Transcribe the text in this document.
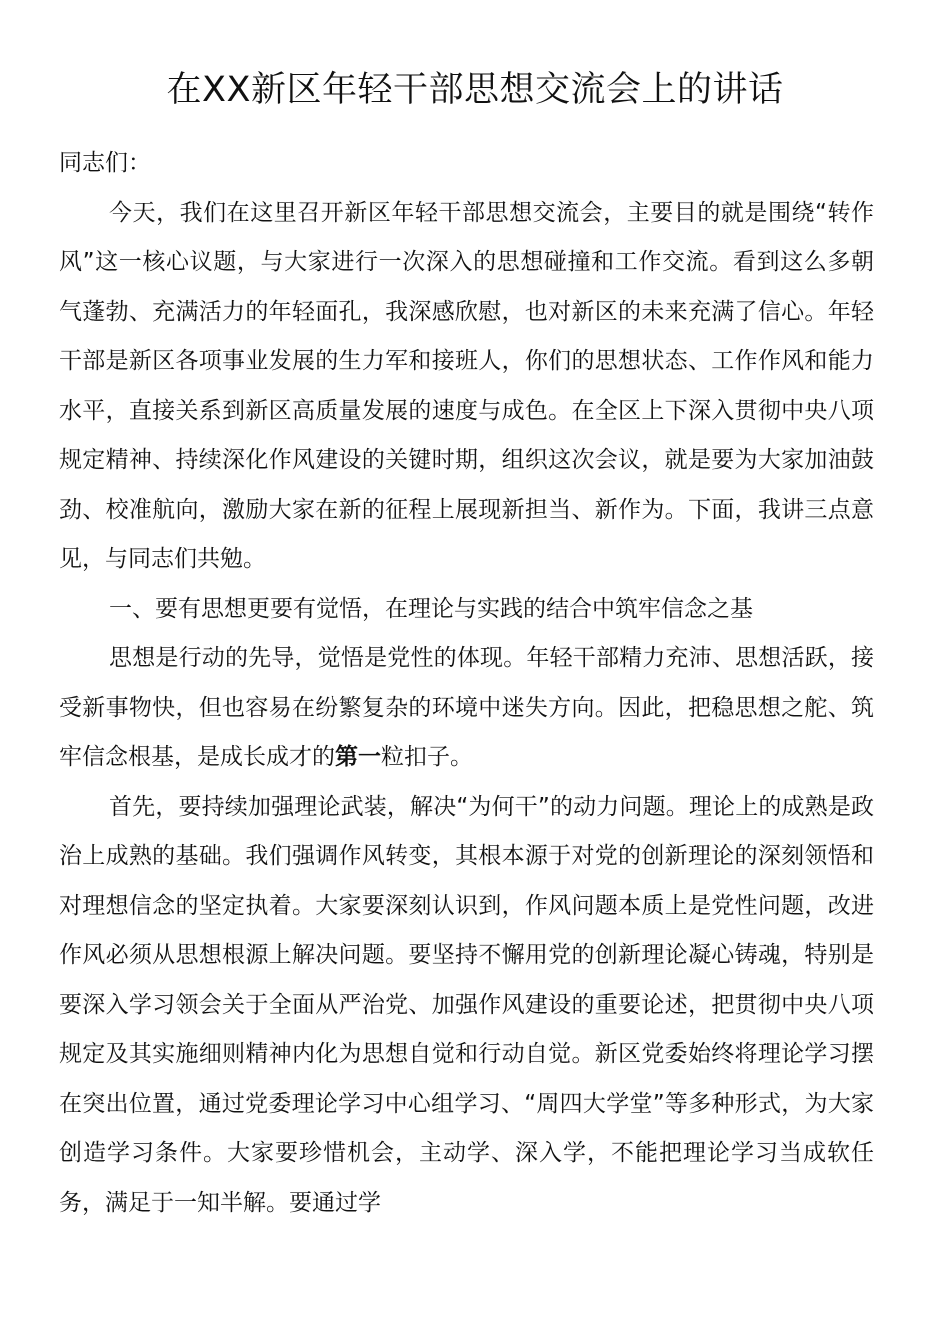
在XX新区年轻干部思想交流会上的讲话

同志们：

今天，我们在这里召开新区年轻干部思想交流会，主要目的就是围绕“转作风”这一核心议题，与大家进行一次深入的思想碰撞和工作交流。看到这么多朝气蓬勃、充满活力的年轻面孔，我深感欣慰，也对新区的未来充满了信心。年轻干部是新区各项事业发展的生力军和接班人，你们的思想状态、工作作风和能力水平，直接关系到新区高质量发展的速度与成色。在全区上下深入贯彻中央八项规定精神、持续深化作风建设的关键时期，组织这次会议，就是要为大家加油鼓劲、校准航向，激励大家在新的征程上展现新担当、新作为。下面，我讲三点意见，与同志们共勉。

一、要有思想更要有觉悟，在理论与实践的结合中筑牢信念之基

思想是行动的先导，觉悟是党性的体现。年轻干部精力充沛、思想活跃，接受新事物快，但也容易在纷繁复杂的环境中迷失方向。因此，把稳思想之舵、筑牢信念根基，是成长成才的第一粒扣子。

首先，要持续加强理论武装，解决“为何干”的动力问题。理论上的成熟是政治上成熟的基础。我们强调作风转变，其根本源于对党的创新理论的深刻领悟和对理想信念的坚定执着。大家要深刻认识到，作风问题本质上是党性问题，改进作风必须从思想根源上解决问题。要坚持不懈用党的创新理论凝心铸魂，特别是要深入学习领会关于全面从严治党、加强作风建设的重要论述，把贯彻中央八项规定及其实施细则精神内化为思想自觉和行动自觉。新区党委始终将理论学习摆在突出位置，通过党委理论学习中心组学习、“周四大学堂”等多种形式，为大家创造学习条件。大家要珍惜机会，主动学、深入学，不能把理论学习当成软任务，满足于一知半解。要通过学
